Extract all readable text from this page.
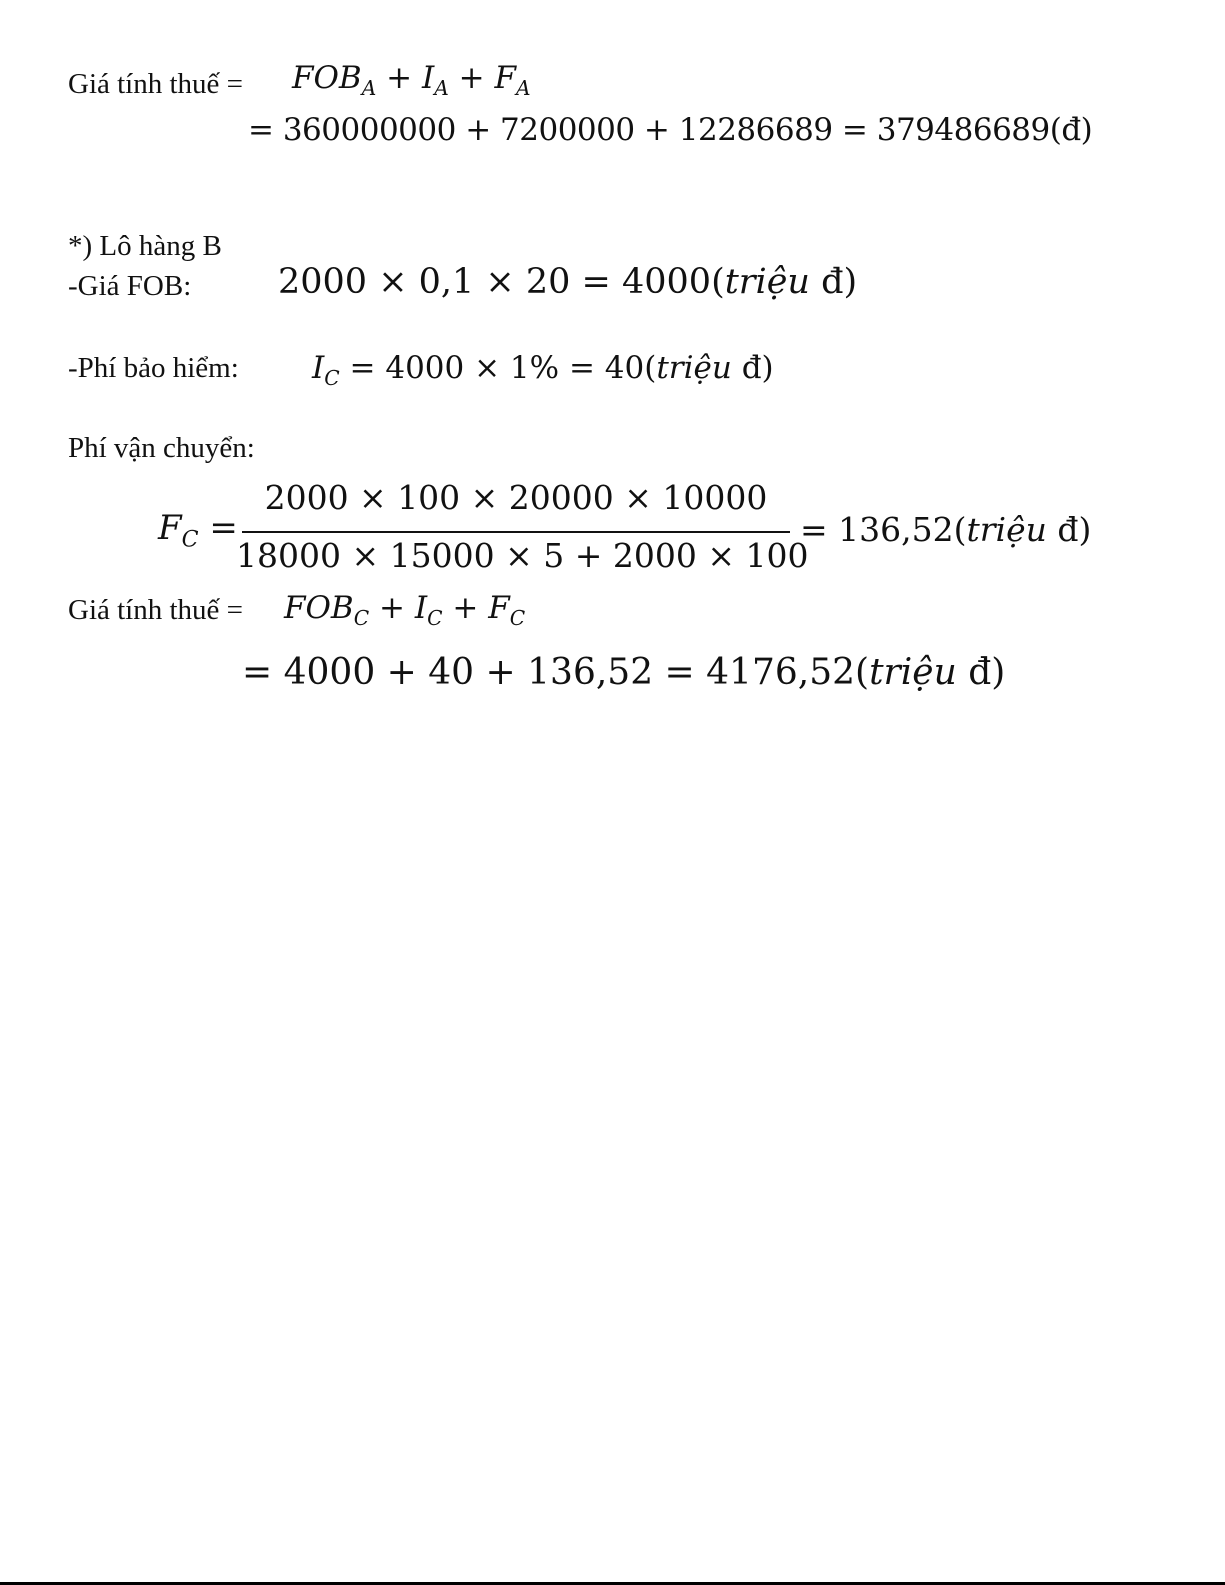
Giá tính thuế = $FOB_A + I_A + F_A$
= 360000000 + 7200000 + 12286689 = 379486689(đ)
*) Lô hàng B
-Giá FOB: 2000 × 0,1 × 20 = 4000(triệu đ)
-Phí bảo hiểm: $I_C = 4000 \times 1\%$ = 40(triệu đ)
Phí vận chuyển:
$F_C$ =
2000 × 100 × 20000 × 10000
18000 × 15000 × 5 + 2000 × 100
= 136,52(triệu đ)
Giá tính thuế = $FOB_C + I_C + F_C$
= 4000 + 40 + 136,52 = 4176,52(triệu đ)
